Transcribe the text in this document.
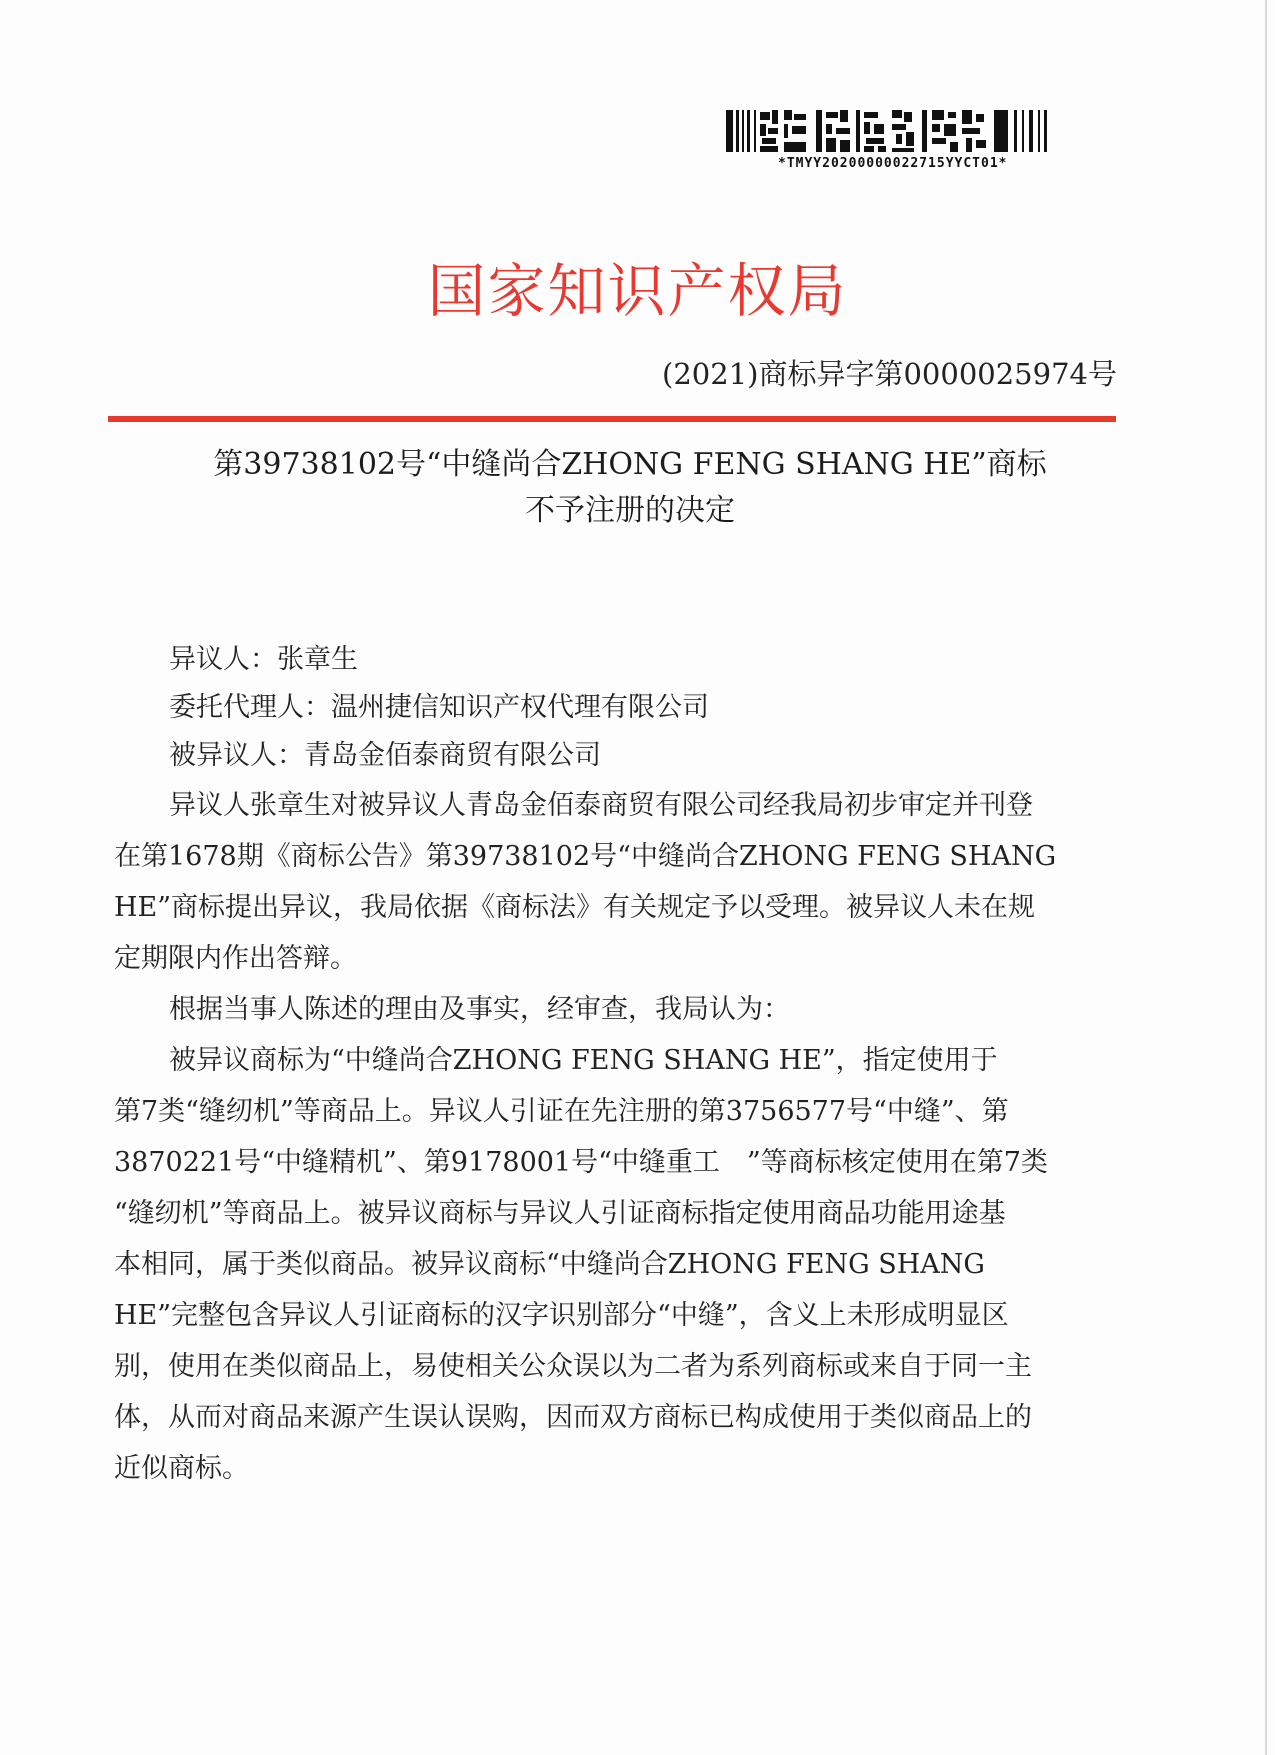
*TMYY20200000022715YYCT01*
国家知识产权局
(2021)商标异字第0000025974号
第39738102号“中缝尚合ZHONG FENG SHANG HE”商标
不予注册的决定
异议人：张章生
委托代理人：温州捷信知识产权代理有限公司
被异议人：青岛金佰泰商贸有限公司
异议人张章生对被异议人青岛金佰泰商贸有限公司经我局初步审定并刊登
在第1678期《商标公告》第39738102号“中缝尚合ZHONG FENG SHANG
HE”商标提出异议，我局依据《商标法》有关规定予以受理。被异议人未在规
定期限内作出答辩。
根据当事人陈述的理由及事实，经审查，我局认为：
被异议商标为“中缝尚合ZHONG FENG SHANG HE”，指定使用于
第7类“缝纫机”等商品上。异议人引证在先注册的第3756577号“中缝”、第
3870221号“中缝精机”、第9178001号“中缝重工　”等商标核定使用在第7类
“缝纫机”等商品上。被异议商标与异议人引证商标指定使用商品功能用途基
本相同，属于类似商品。被异议商标“中缝尚合ZHONG FENG SHANG
HE”完整包含异议人引证商标的汉字识别部分“中缝”，含义上未形成明显区
别，使用在类似商品上，易使相关公众误以为二者为系列商标或来自于同一主
体，从而对商品来源产生误认误购，因而双方商标已构成使用于类似商品上的
近似商标。
